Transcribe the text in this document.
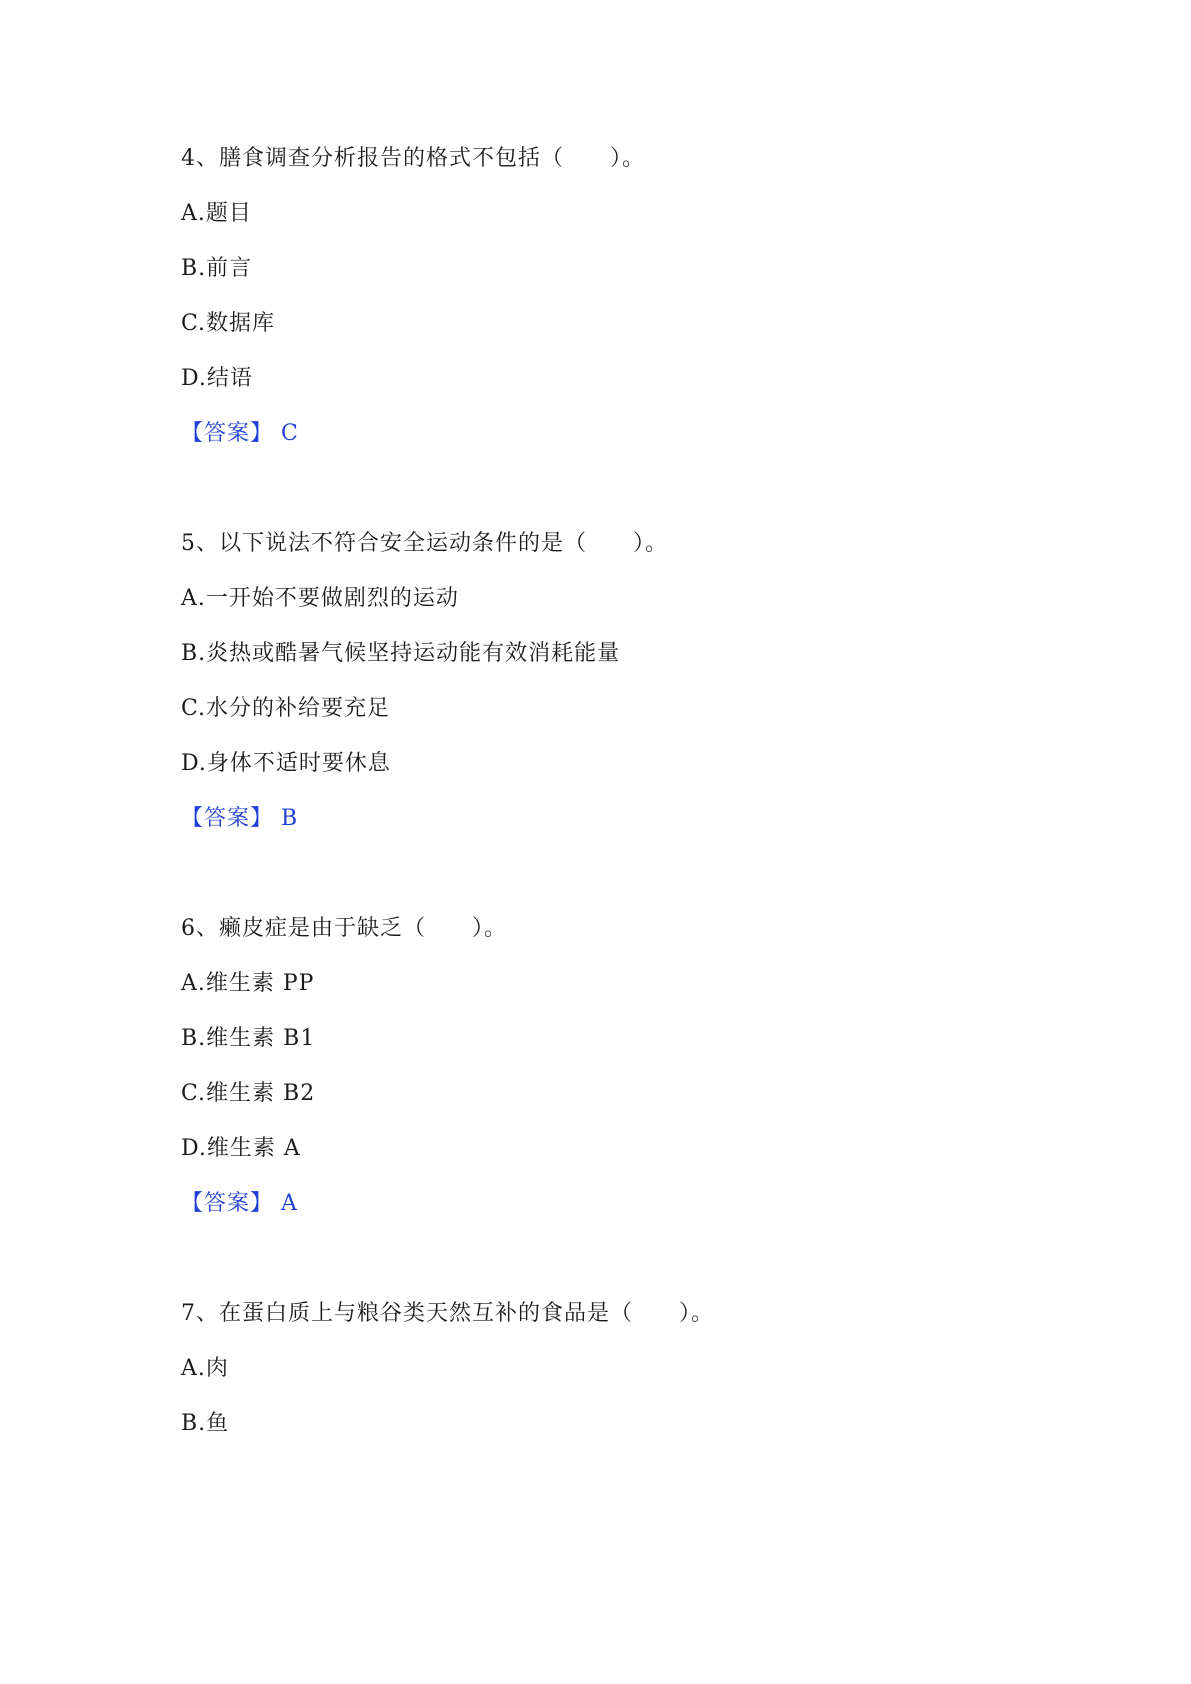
4、膳食调查分析报告的格式不包括（　　）。
A.题目
B.前言
C.数据库
D.结语
【答案】 C
5、以下说法不符合安全运动条件的是（　　）。
A.一开始不要做剧烈的运动
B.炎热或酷暑气候坚持运动能有效消耗能量
C.水分的补给要充足
D.身体不适时要休息
【答案】 B
6、癞皮症是由于缺乏（　　）。
A.维生素 PP
B.维生素 B1
C.维生素 B2
D.维生素 A
【答案】 A
7、在蛋白质上与粮谷类天然互补的食品是（　　）。
A.肉
B.鱼
